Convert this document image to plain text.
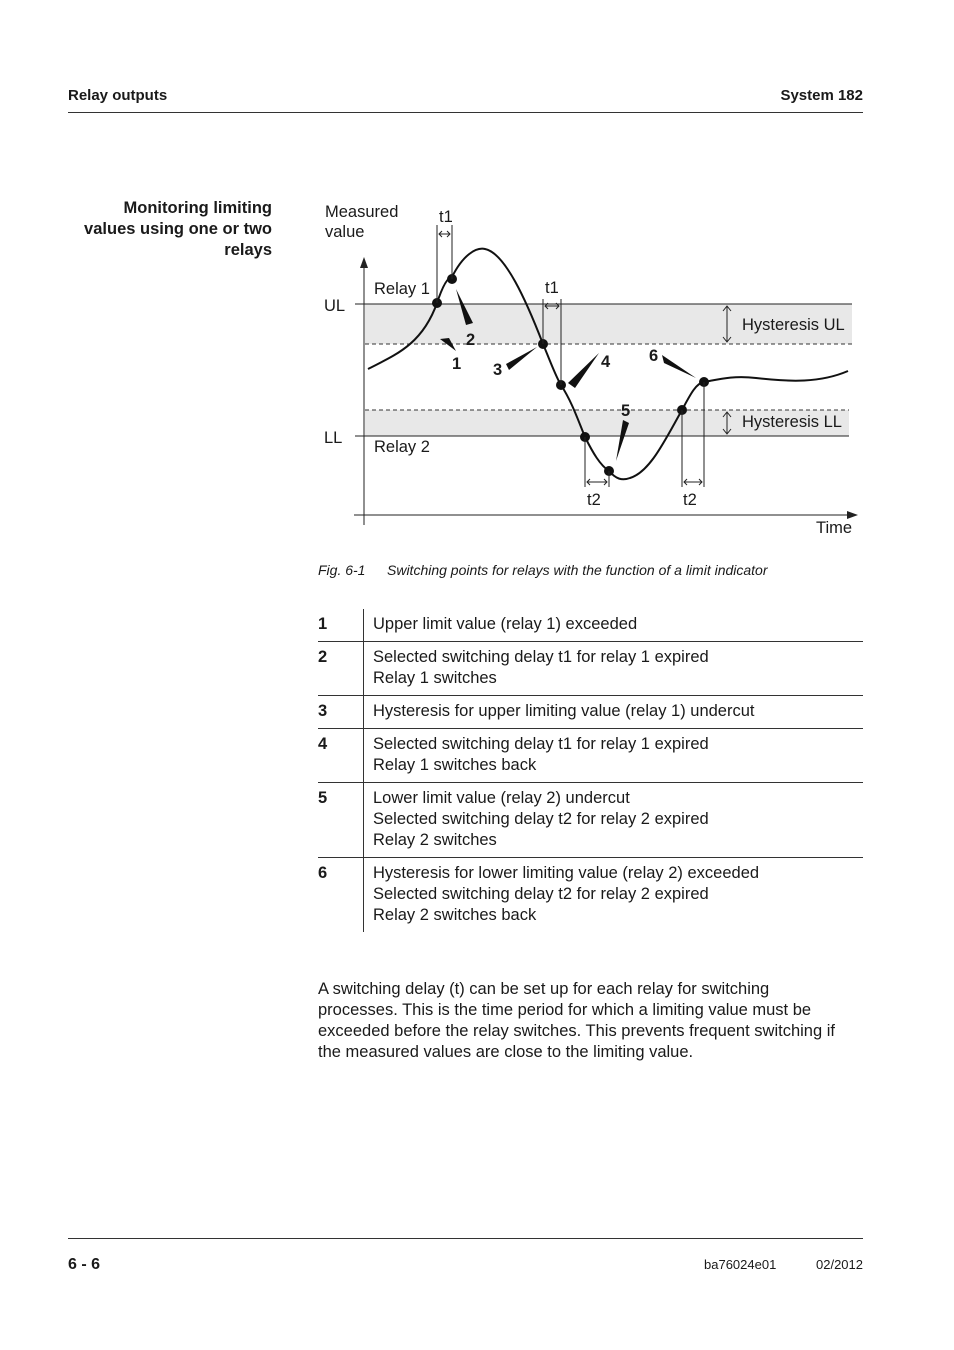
Relay outputs	System 182
Monitoring limiting
values using one or two
relays
t1
t1
t2	t2
Measured
value
Time
UL
LL
Relay 1
Relay 2
Hysteresis UL
Hysteresis LL
1
2
3	4
5
6
Fig. 6-1 Switching points for relays with the function of a limit indicator
1	Upper limit value (relay 1) exceeded

2	Selected switching delay t1 for relay 1 expired
Relay 1 switches

3	Hysteresis for upper limiting value (relay 1) undercut

4	Selected switching delay t1 for relay 1 expired
Relay 1 switches back

5	Lower limit value (relay 2) undercut
Selected switching delay t2 for relay 2 expired
Relay 2 switches

6	Hysteresis for lower limiting value (relay 2) exceeded
Selected switching delay t2 for relay 2 expired
Relay 2 switches back
A switching delay (t) can be set up for each relay for switching
processes. This is the time period for which a limiting value must be
exceeded before the relay switches. This prevents frequent switching if
the measured values are close to the limiting value.
6 - 6	ba76024e01	02/2012
